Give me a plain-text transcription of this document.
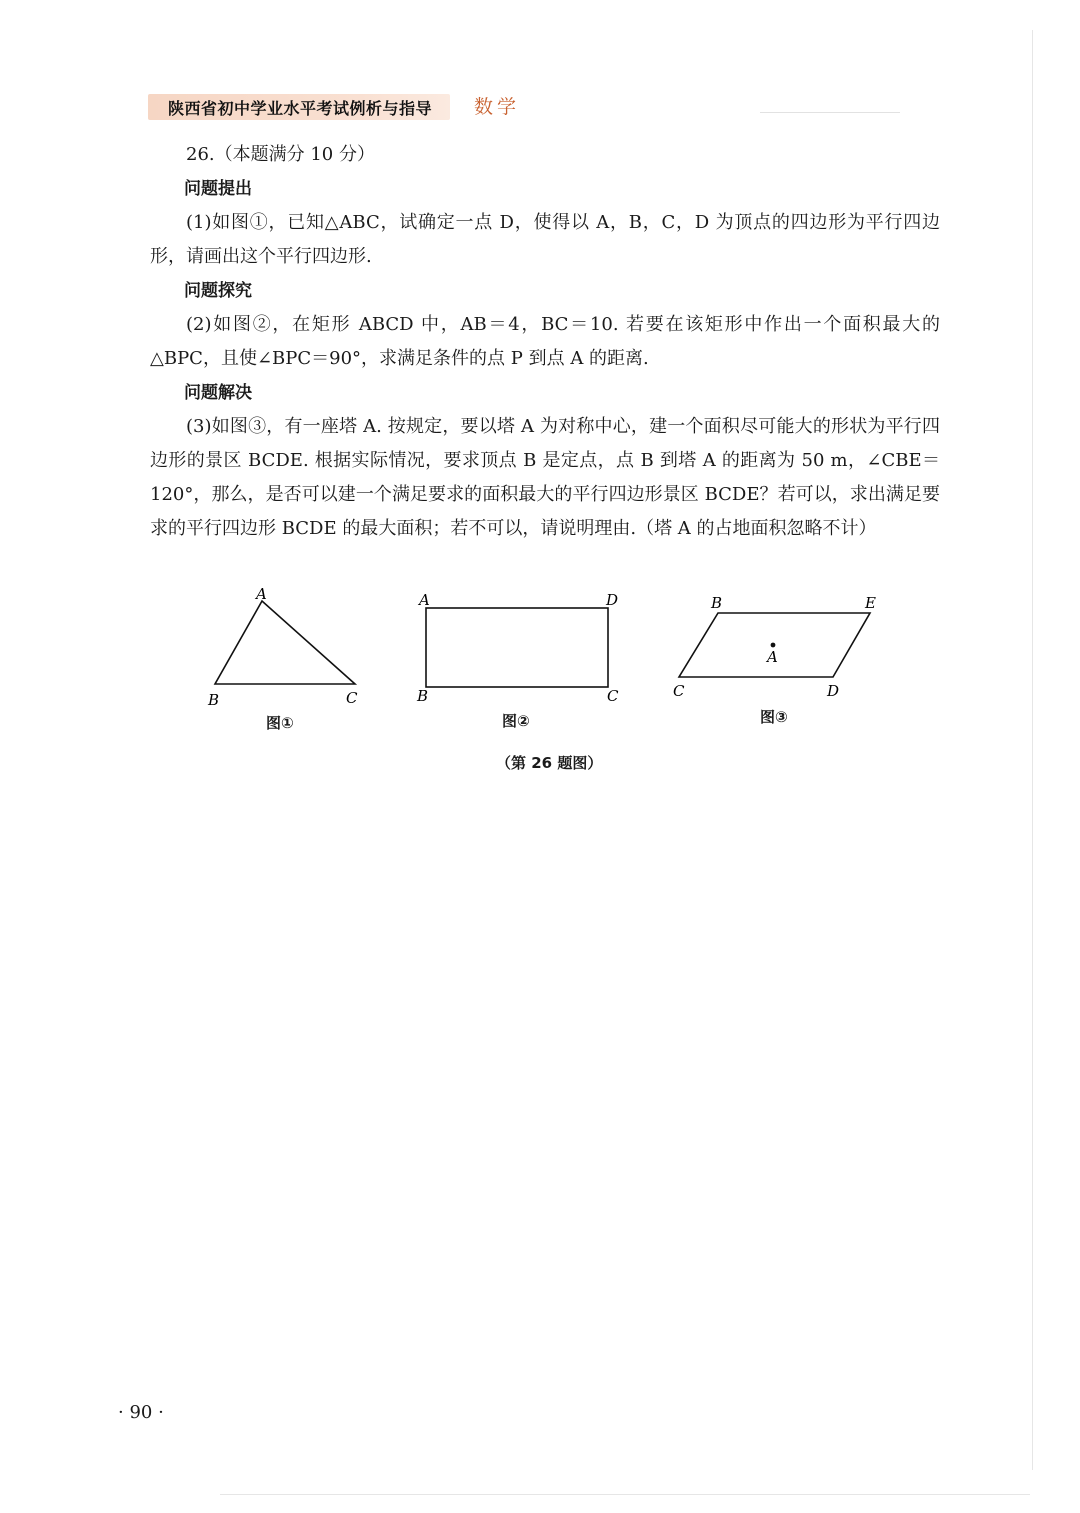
陕西省初中学业水平考试例析与指导 数学

26.（本题满分 10 分）

问题提出

(1)如图①，已知△ABC，试确定一点 D，使得以 A，B，C，D 为顶点的四边形为平行四边形，请画出这个平行四边形.

问题探究

(2)如图②，在矩形 ABCD 中，AB＝4，BC＝10. 若要在该矩形中作出一个面积最大的△BPC，且使∠BPC＝90°，求满足条件的点 P 到点 A 的距离.

问题解决

(3)如图③，有一座塔 A. 按规定，要以塔 A 为对称中心，建一个面积尽可能大的形状为平行四边形的景区 BCDE. 根据实际情况，要求顶点 B 是定点，点 B 到塔 A 的距离为 50 m，∠CBE＝120°，那么，是否可以建一个满足要求的面积最大的平行四边形景区 BCDE？若可以，求出满足要求的平行四边形 BCDE 的最大面积；若不可以，请说明理由.（塔 A 的占地面积忽略不计）

A
B	C
图①
A	D
B	C
图②
B	E
A
C	D
图③
（第 26 题图）
· 90 ·
